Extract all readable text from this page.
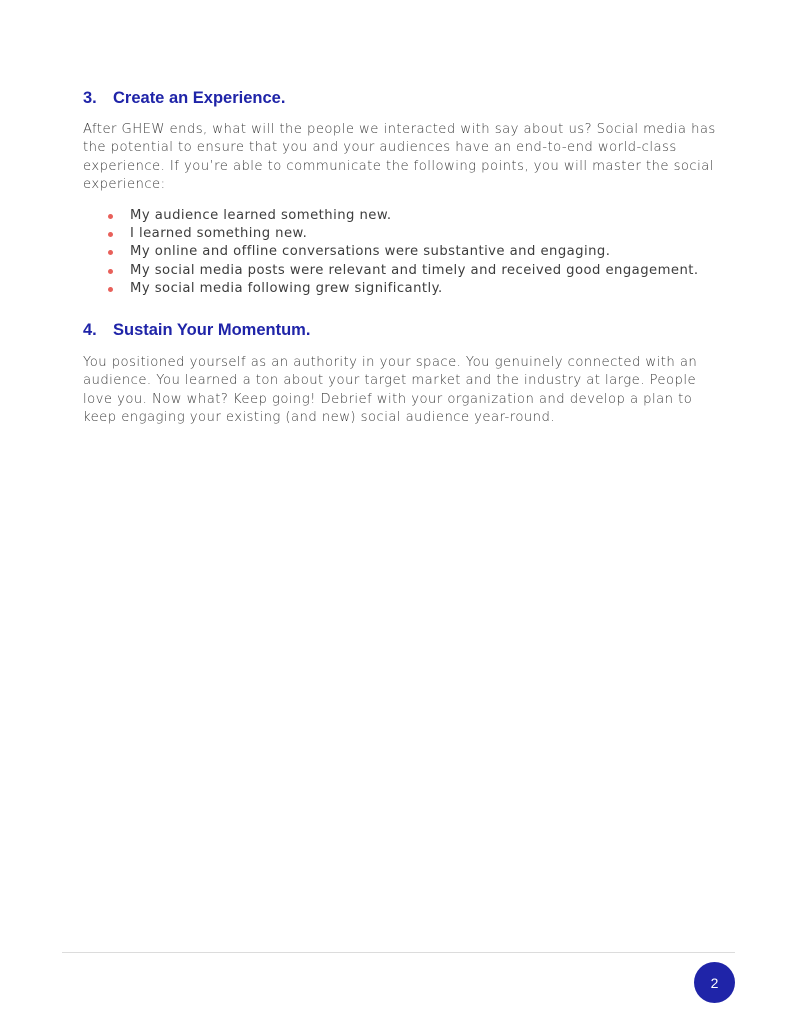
3. Create an Experience.

After GHEW ends, what will the people we interacted with say about us? Social media has
the potential to ensure that you and your audiences have an end-to-end world-class
experience. If you’re able to communicate the following points, you will master the social
experience:

My audience learned something new.
I learned something new.
My online and offline conversations were substantive and engaging.
My social media posts were relevant and timely and received good engagement.
My social media following grew significantly.
4. Sustain Your Momentum.

You positioned yourself as an authority in your space. You genuinely connected with an
audience. You learned a ton about your target market and the industry at large. People
love you. Now what? Keep going! Debrief with your organization and develop a plan to
keep engaging your existing (and new) social audience year-round.

2
